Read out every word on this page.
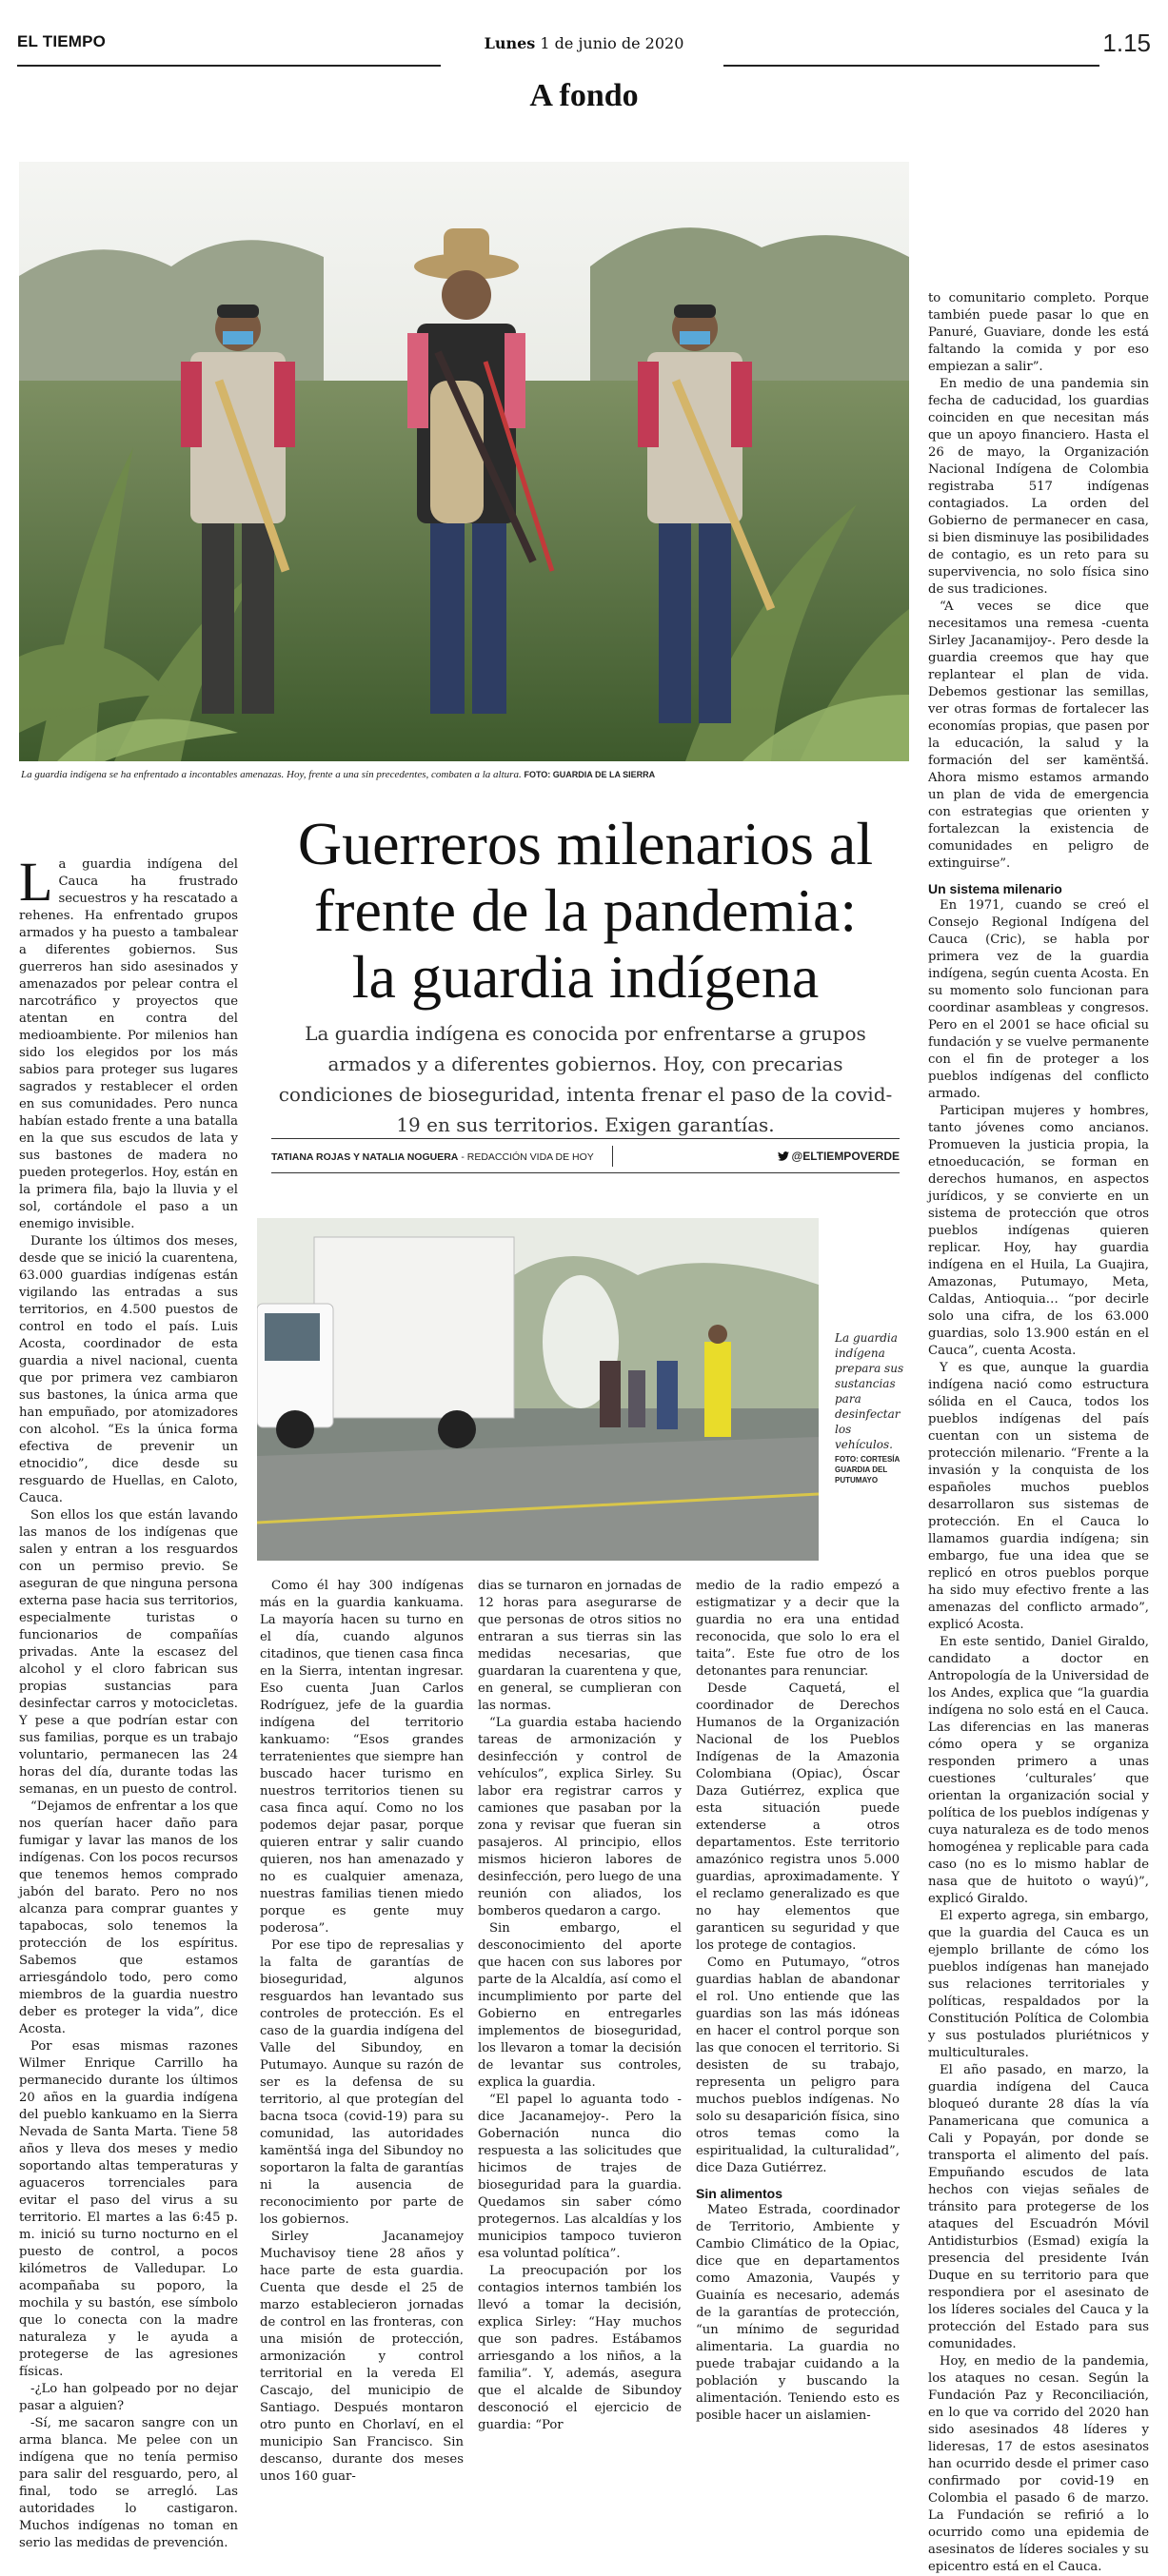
EL TIEMPO	Lunes 1 de junio de 2020	1.15
A fondo
La guardia indígena se ha enfrentado a incontables amenazas. Hoy, frente a una sin precedentes, combaten a la altura. FOTO: GUARDIA DE LA SIERRA
Guerreros milenarios al
frente de la pandemia:
la guardia indígena
La guardia indígena es conocida por enfrentarse a grupos armados y a diferentes gobiernos. Hoy, con precarias condiciones de bioseguridad, intenta frenar el paso de la covid-19 en sus territorios. Exigen garantías.
TATIANA ROJAS Y NATALIA NOGUERA - REDACCIÓN VIDA DE HOY	@ELTIEMPOVERDE
La guardia indígena prepara sus sustancias para desinfectar los vehículos.
FOTO: CORTESÍA GUARDIA DEL PUTUMAYO

La guardia indígena del Cauca ha frustrado secuestros y ha rescatado a rehenes. Ha enfrentado grupos armados y ha puesto a tambalear a diferentes gobiernos. Sus guerreros han sido asesinados y amenazados por pelear contra el narcotráfico y proyectos que atentan en contra del medioambiente. Por milenios han sido los elegidos por los más sabios para proteger sus lugares sagrados y restablecer el orden en sus comunidades. Pero nunca habían estado frente a una batalla en la que sus escudos de lata y sus bastones de madera no pueden protegerlos. Hoy, están en la primera fila, bajo la lluvia y el sol, cortándole el paso a un enemigo invisible.

Durante los últimos dos meses, desde que se inició la cuarentena, 63.000 guardias indígenas están vigilando las entradas a sus territorios, en 4.500 puestos de control en todo el país. Luis Acosta, coordinador de esta guardia a nivel nacional, cuenta que por primera vez cambiaron sus bastones, la única arma que han empuñado, por atomizadores con alcohol. “Es la única forma efectiva de prevenir un etnocidio”, dice desde su resguardo de Huellas, en Caloto, Cauca.

Son ellos los que están lavando las manos de los indígenas que salen y entran a los resguardos con un permiso previo. Se aseguran de que ninguna persona externa pase hacia sus territorios, especialmente turistas o funcionarios de compañías privadas. Ante la escasez del alcohol y el cloro fabrican sus propias sustancias para desinfectar carros y motocicletas. Y pese a que podrían estar con sus familias, porque es un trabajo voluntario, permanecen las 24 horas del día, durante todas las semanas, en un puesto de control.

“Dejamos de enfrentar a los que nos querían hacer daño para fumigar y lavar las manos de los indígenas. Con los pocos recursos que tenemos hemos comprado jabón del barato. Pero no nos alcanza para comprar guantes y tapabocas, solo tenemos la protección de los espíritus. Sabemos que estamos arriesgándolo todo, pero como miembros de la guardia nuestro deber es proteger la vida”, dice Acosta.

Por esas mismas razones Wilmer Enrique Carrillo ha permanecido durante los últimos 20 años en la guardia indígena del pueblo kankuamo en la Sierra Nevada de Santa Marta. Tiene 58 años y lleva dos meses y medio soportando altas temperaturas y aguaceros torrenciales para evitar el paso del virus a su territorio. El martes a las 6:45 p. m. inició su turno nocturno en el puesto de control, a pocos kilómetros de Valledupar. Lo acompañaba su poporo, la mochila y su bastón, ese símbolo que lo conecta con la madre naturaleza y le ayuda a protegerse de las agresiones físicas.

-¿Lo han golpeado por no dejar pasar a alguien?

-Sí, me sacaron sangre con un arma blanca. Me pelee con un indígena que no tenía permiso para salir del resguardo, pero, al final, todo se arregló. Las autoridades lo castigaron. Muchos indígenas no toman en serio las medidas de prevención.

Como él hay 300 indígenas más en la guardia kankuama. La mayoría hacen su turno en el día, cuando algunos citadinos, que tienen casa finca en la Sierra, intentan ingresar. Eso cuenta Juan Carlos Rodríguez, jefe de la guardia indígena del territorio kankuamo: “Esos grandes terratenientes que siempre han buscado hacer turismo en nuestros territorios tienen su casa finca aquí. Como no los podemos dejar pasar, porque quieren entrar y salir cuando quieren, nos han amenazado y no es cualquier amenaza, nuestras familias tienen miedo porque es gente muy poderosa”.

Por ese tipo de represalias y la falta de garantías de bioseguridad, algunos resguardos han levantado sus controles de protección. Es el caso de la guardia indígena del Valle del Sibundoy, en Putumayo. Aunque su razón de ser es la defensa de su territorio, al que protegían del bacna tsoca (covid-19) para su comunidad, las autoridades kamëntšá inga del Sibundoy no soportaron la falta de garantías ni la ausencia de reconocimiento por parte de los gobiernos.

Sirley Jacanamejoy Muchavisoy tiene 28 años y hace parte de esta guardia. Cuenta que desde el 25 de marzo establecieron jornadas de control en las fronteras, con una misión de protección, armonización y control territorial en la vereda El Cascajo, del municipio de Santiago. Después montaron otro punto en Chorlaví, en el municipio San Francisco. Sin descanso, durante dos meses unos 160 guar-

dias se turnaron en jornadas de 12 horas para asegurarse de que personas de otros sitios no entraran a sus tierras sin las medidas necesarias, que guardaran la cuarentena y que, en general, se cumplieran con las normas.

“La guardia estaba haciendo tareas de armonización y desinfección y control de vehículos”, explica Sirley. Su labor era registrar carros y camiones que pasaban por la zona y revisar que fueran sin pasajeros. Al principio, ellos mismos hicieron labores de desinfección, pero luego de una reunión con aliados, los bomberos quedaron a cargo.

Sin embargo, el desconocimiento del aporte que hacen con sus labores por parte de la Alcaldía, así como el incumplimiento por parte del Gobierno en entregarles implementos de bioseguridad, los llevaron a tomar la decisión de levantar sus controles, explica la guardia.

“El papel lo aguanta todo -dice Jacanamejoy-. Pero la Gobernación nunca dio respuesta a las solicitudes que hicimos de trajes de bioseguridad para la guardia. Quedamos sin saber cómo protegernos. Las alcaldías y los municipios tampoco tuvieron esa voluntad política”.

La preocupación por los contagios internos también los llevó a tomar la decisión, explica Sirley: “Hay muchos que son padres. Estábamos arriesgando a los niños, a la familia”. Y, además, asegura que el alcalde de Sibundoy desconoció el ejercicio de guardia: “Por

medio de la radio empezó a estigmatizar y a decir que la guardia no era una entidad reconocida, que solo lo era el taita”. Este fue otro de los detonantes para renunciar.

Desde Caquetá, el coordinador de Derechos Humanos de la Organización Nacional de los Pueblos Indígenas de la Amazonia Colombiana (Opiac), Óscar Daza Gutiérrez, explica que esta situación puede extenderse a otros departamentos. Este territorio amazónico registra unos 5.000 guardias, aproximadamente. Y el reclamo generalizado es que no hay elementos que garanticen su seguridad y que los protege de contagios.

Como en Putumayo, “otros guardias hablan de abandonar el rol. Uno entiende que las guardias son las más idóneas en hacer el control porque son las que conocen el territorio. Si desisten de su trabajo, representa un peligro para muchos pueblos indígenas. No solo su desaparición física, sino otros temas como la espiritualidad, la culturalidad”, dice Daza Gutiérrez.

Sin alimentos

Mateo Estrada, coordinador de Territorio, Ambiente y Cambio Climático de la Opiac, dice que en departamentos como Amazonia, Vaupés y Guainía es necesario, además de la garantías de protección, “un mínimo de seguridad alimentaria. La guardia no puede trabajar cuidando a la población y buscando la alimentación. Teniendo esto es posible hacer un aislamien-

to comunitario completo. Porque también puede pasar lo que en Panuré, Guaviare, donde les está faltando la comida y por eso empiezan a salir”.

En medio de una pandemia sin fecha de caducidad, los guardias coinciden en que necesitan más que un apoyo financiero. Hasta el 26 de mayo, la Organización Nacional Indígena de Colombia registraba 517 indígenas contagiados. La orden del Gobierno de permanecer en casa, si bien disminuye las posibilidades de contagio, es un reto para su supervivencia, no solo física sino de sus tradiciones.

“A veces se dice que necesitamos una remesa -cuenta Sirley Jacanamijoy-. Pero desde la guardia creemos que hay que replantear el plan de vida. Debemos gestionar las semillas, ver otras formas de fortalecer las economías propias, que pasen por la educación, la salud y la formación del ser kamëntšá. Ahora mismo estamos armando un plan de vida de emergencia con estrategias que orienten y fortalezcan la existencia de comunidades en peligro de extinguirse”.

Un sistema milenario

En 1971, cuando se creó el Consejo Regional Indígena del Cauca (Cric), se habla por primera vez de la guardia indígena, según cuenta Acosta. En su momento solo funcionan para coordinar asambleas y congresos. Pero en el 2001 se hace oficial su fundación y se vuelve permanente con el fin de proteger a los pueblos indígenas del conflicto armado.

Participan mujeres y hombres, tanto jóvenes como ancianos. Promueven la justicia propia, la etnoeducación, se forman en derechos humanos, en aspectos jurídicos, y se convierte en un sistema de protección que otros pueblos indígenas quieren replicar. Hoy, hay guardia indígena en el Huila, La Guajira, Amazonas, Putumayo, Meta, Caldas, Antioquia… “por decirle solo una cifra, de los 63.000 guardias, solo 13.900 están en el Cauca”, cuenta Acosta.

Y es que, aunque la guardia indígena nació como estructura sólida en el Cauca, todos los pueblos indígenas del país cuentan con un sistema de protección milenario. “Frente a la invasión y la conquista de los españoles muchos pueblos desarrollaron sus sistemas de protección. En el Cauca lo llamamos guardia indígena; sin embargo, fue una idea que se replicó en otros pueblos porque ha sido muy efectivo frente a las amenazas del conflicto armado”, explicó Acosta.

En este sentido, Daniel Giraldo, candidato a doctor en Antropología de la Universidad de los Andes, explica que “la guardia indígena no solo está en el Cauca. Las diferencias en las maneras cómo opera y se organiza responden primero a unas cuestiones ‘culturales’ que orientan la organización social y política de los pueblos indígenas y cuya naturaleza es de todo menos homogénea y replicable para cada caso (no es lo mismo hablar de nasa que de huitoto o wayú)”, explicó Giraldo.

El experto agrega, sin embargo, que la guardia del Cauca es un ejemplo brillante de cómo los pueblos indígenas han manejado sus relaciones territoriales y políticas, respaldados por la Constitución Política de Colombia y sus postulados pluriétnicos y multiculturales.

El año pasado, en marzo, la guardia indígena del Cauca bloqueó durante 28 días la vía Panamericana que comunica a Cali y Popayán, por donde se transporta el alimento del país. Empuñando escudos de lata hechos con viejas señales de tránsito para protegerse de los ataques del Escuadrón Móvil Antidisturbios (Esmad) exigía la presencia del presidente Iván Duque en su territorio para que respondiera por el asesinato de los líderes sociales del Cauca y la protección del Estado para sus comunidades.

Hoy, en medio de la pandemia, los ataques no cesan. Según la Fundación Paz y Reconciliación, en lo que va corrido del 2020 han sido asesinados 48 líderes y lideresas, 17 de estos asesinatos han ocurrido desde el primer caso confirmado por covid-19 en Colombia el pasado 6 de marzo. La Fundación se refirió a lo ocurrido como una epidemia de asesinatos de líderes sociales y su epicentro está en el Cauca.
